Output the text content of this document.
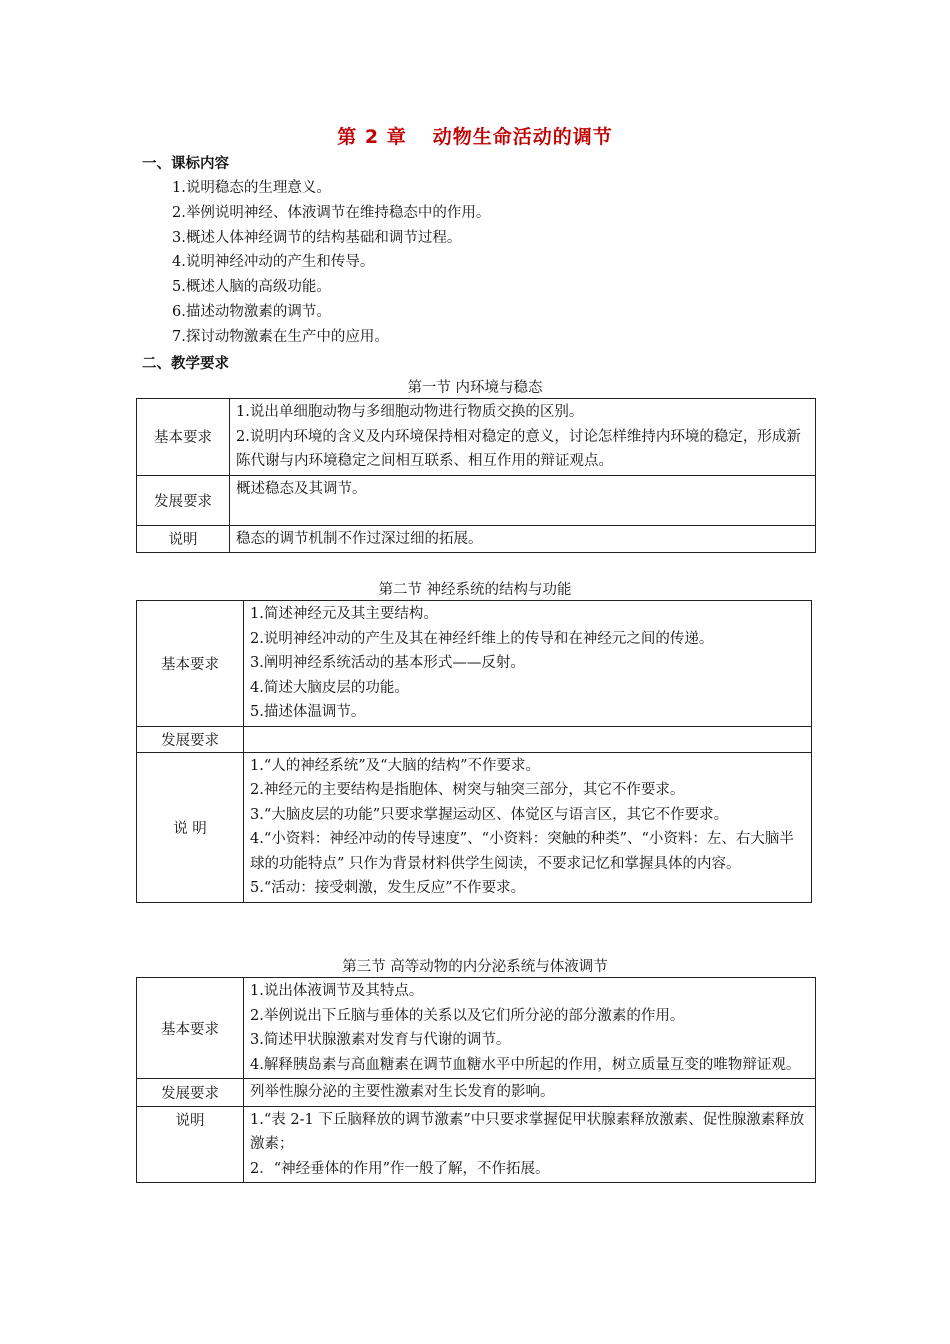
第 2 章 动物生命活动的调节
一、课标内容
1.说明稳态的生理意义。
2.举例说明神经、体液调节在维持稳态中的作用。
3.概述人体神经调节的结构基础和调节过程。
4.说明神经冲动的产生和传导。
5.概述人脑的高级功能。
6.描述动物激素的调节。
7.探讨动物激素在生产中的应用。
二、教学要求
第一节 内环境与稳态
基本要求	1.说出单细胞动物与多细胞动物进行物质交换的区别。
2.说明内环境的含义及内环境保持相对稳定的意义，讨论怎样维持内环境的稳定，形成新陈代谢与内环境稳定之间相互联系、相互作用的辩证观点。

发展要求	概述稳态及其调节。

说明	稳态的调节机制不作过深过细的拓展。
第二节 神经系统的结构与功能
基本要求	1.简述神经元及其主要结构。
2.说明神经冲动的产生及其在神经纤维上的传导和在神经元之间的传递。
3.阐明神经系统活动的基本形式——反射。
4.简述大脑皮层的功能。
5.描述体温调节。

发展要求	
说 明	1.“人的神经系统”及“大脑的结构”不作要求。
2.神经元的主要结构是指胞体、树突与轴突三部分，其它不作要求。
3.“大脑皮层的功能”只要求掌握运动区、体觉区与语言区，其它不作要求。
4.“小资料：神经冲动的传导速度”、“小资料：突触的种类”、“小资料：左、右大脑半球的功能特点” 只作为背景材料供学生阅读，不要求记忆和掌握具体的内容。
5.“活动：接受刺激，发生反应”不作要求。
第三节 高等动物的内分泌系统与体液调节
基本要求	1.说出体液调节及其特点。
2.举例说出下丘脑与垂体的关系以及它们所分泌的部分激素的作用。
3.简述甲状腺激素对发育与代谢的调节。
4.解释胰岛素与高血糖素在调节血糖水平中所起的作用，树立质量互变的唯物辩证观。

发展要求	列举性腺分泌的主要性激素对生长发育的影响。

说明	1.“表 2-1 下丘脑释放的调节激素”中只要求掌握促甲状腺素释放激素、促性腺激素释放激素；
2．“神经垂体的作用”作一般了解，不作拓展。
